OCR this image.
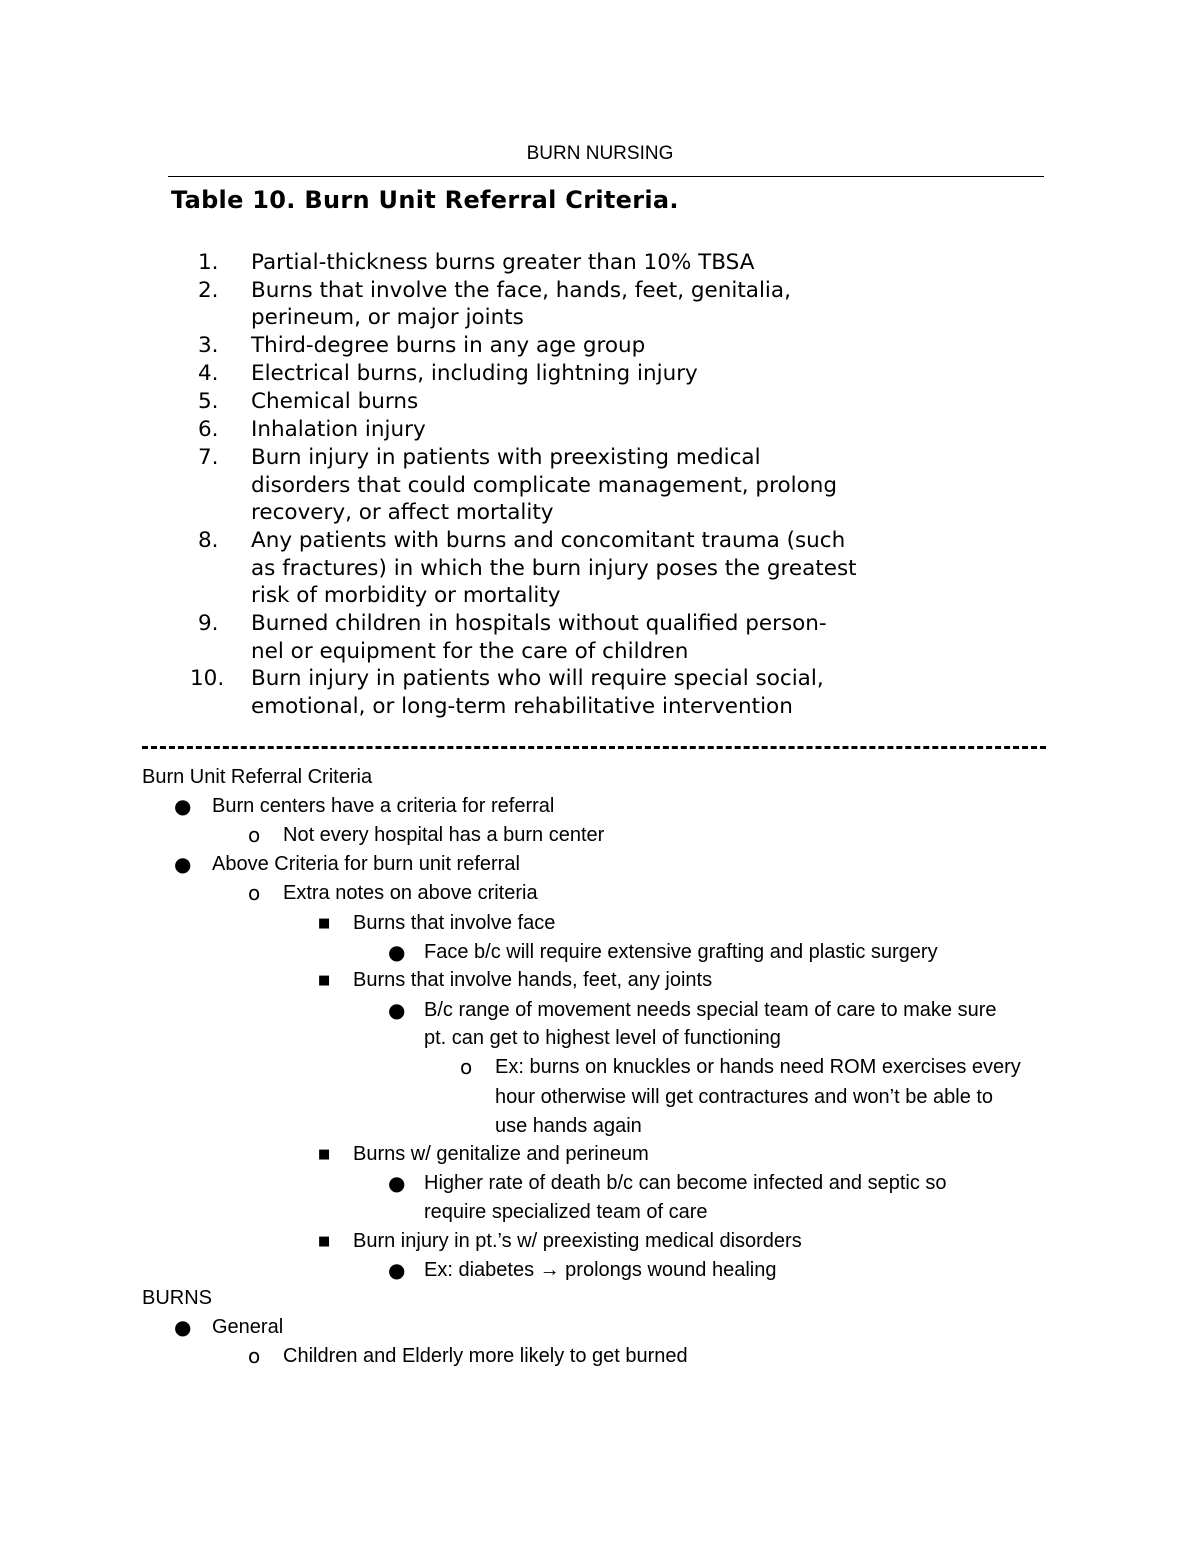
BURN NURSING
Table 10. Burn Unit Referral Criteria.
1. Partial-thickness burns greater than 10% TBSA
2. Burns that involve the face, hands, feet, genitalia,
perineum, or major joints
3. Third-degree burns in any age group
4. Electrical burns, including lightning injury
5. Chemical burns
6. Inhalation injury
7. Burn injury in patients with preexisting medical
disorders that could complicate management, prolong
recovery, or affect mortality
8. Any patients with burns and concomitant trauma (such
as fractures) in which the burn injury poses the greatest
risk of morbidity or mortality
9. Burned children in hospitals without qualified person-
nel or equipment for the care of children
10. Burn injury in patients who will require special social,
emotional, or long-term rehabilitative intervention
Burn Unit Referral Criteria
● Burn centers have a criteria for referral
o Not every hospital has a burn center
● Above Criteria for burn unit referral
o Extra notes on above criteria
■ Burns that involve face
● Face b/c will require extensive grafting and plastic surgery
■ Burns that involve hands, feet, any joints
● B/c range of movement needs special team of care to make sure
pt. can get to highest level of functioning
o Ex: burns on knuckles or hands need ROM exercises every
hour otherwise will get contractures and won’t be able to
use hands again
■ Burns w/ genitalize and perineum
● Higher rate of death b/c can become infected and septic so
require specialized team of care
■ Burn injury in pt.’s w/ preexisting medical disorders
● Ex: diabetes → prolongs wound healing
BURNS
● General
o Children and Elderly more likely to get burned
